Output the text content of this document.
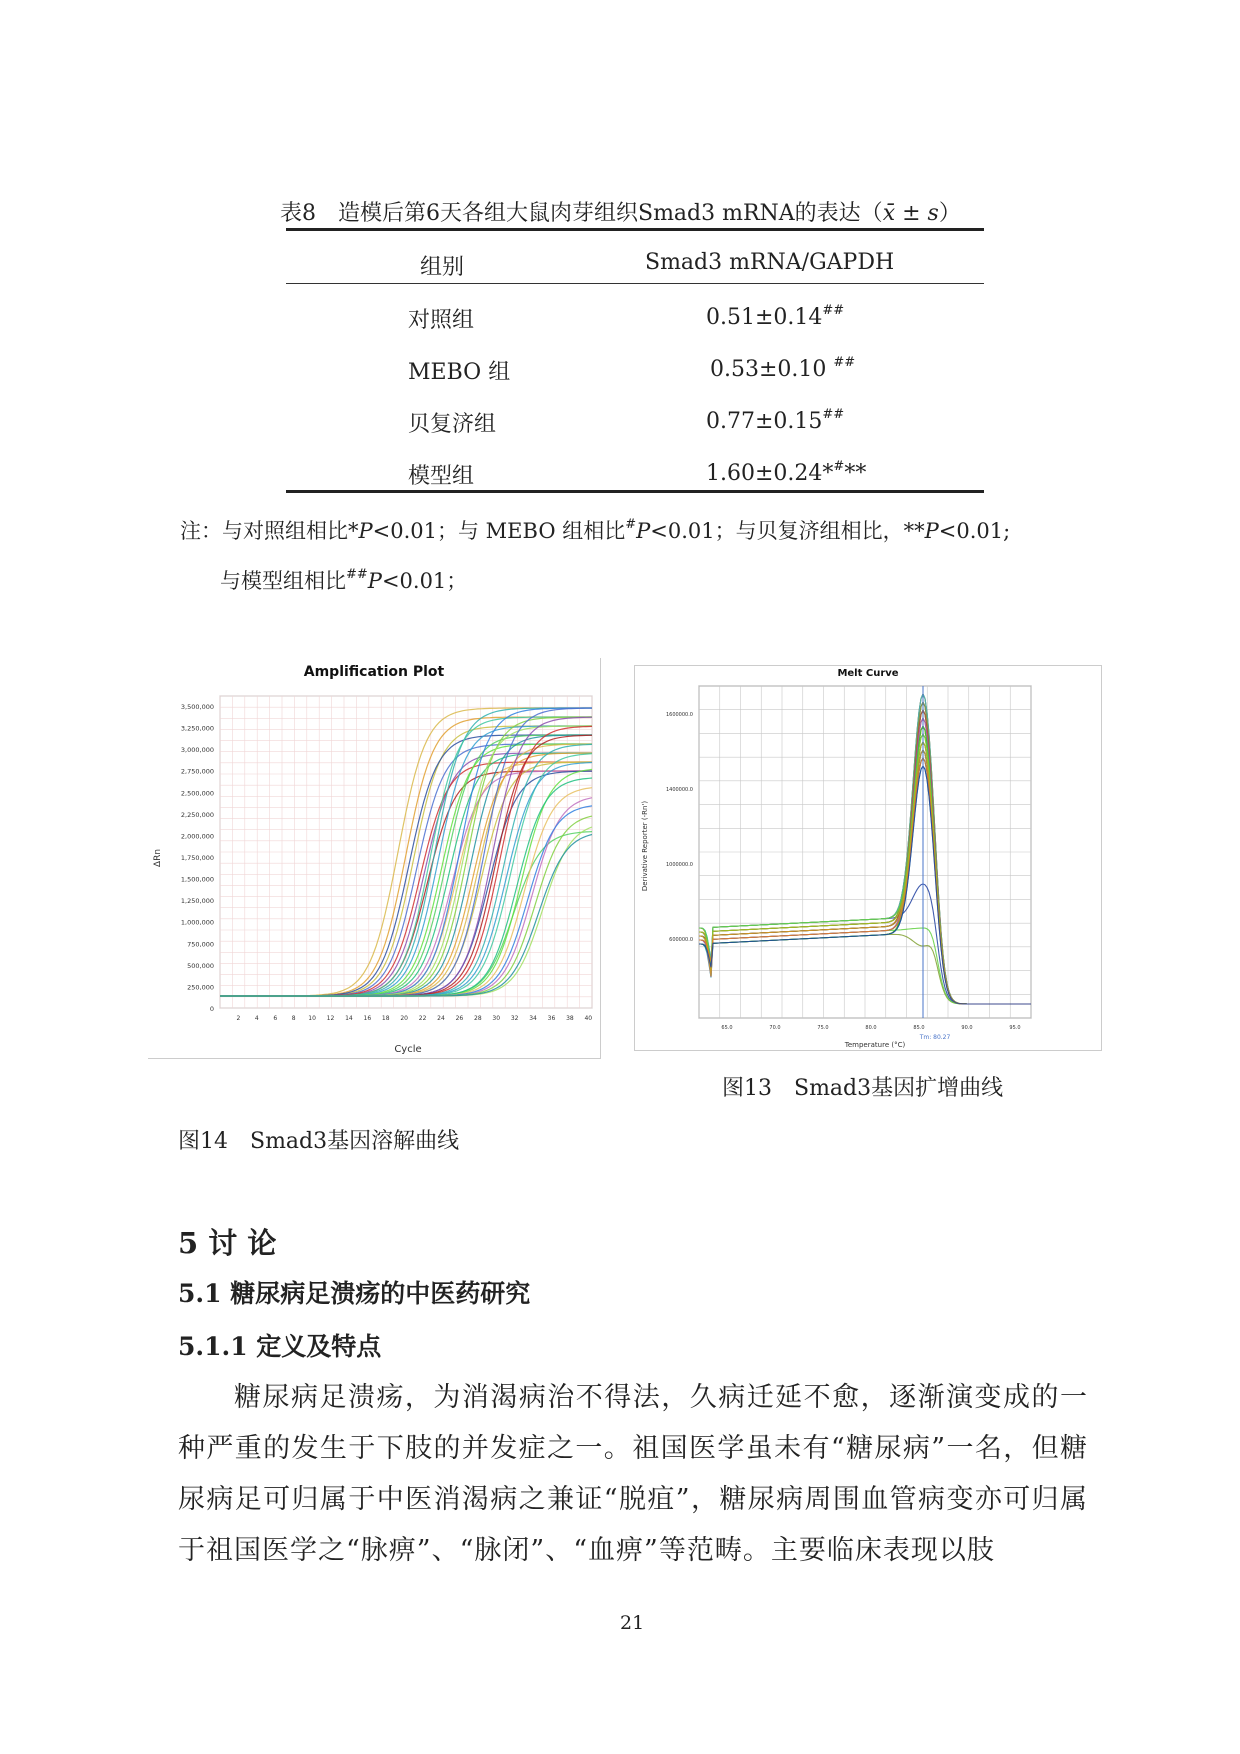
表8　造模后第6天各组大鼠肉芽组织Smad3 mRNA的表达（x̄ ± s）
组别	Smad3 mRNA/GAPDH
对照组	0.51±0.14##
MEBO 组	0.53±0.10 ##
贝复济组	0.77±0.15##
模型组	1.60±0.24*#**
注：与对照组相比*P<0.01；与 MEBO 组相比#P<0.01；与贝复济组相比，**P<0.01;
与模型组相比##P<0.01；
Amplification Plot
ΔRn
Cycle
3,500,000
3,250,000
3,000,000
2,750,000
2,500,000
2,250,000
2,000,000
1,750,000
1,500,000
1,250,000
1,000,000
750,000
500,000
250,000
0
2 4 6 8 10 12 14 16 18 20 22 24 26 28 30 32 34 36 38 40
Melt Curve
Derivative Reporter (-Rn')
Temperature (°C)
1600000.0
1400000.0
1000000.0
600000.0
65.0	70.0	75.0	80.0	85.0	90.0	95.0
Tm: 80.27
图13　Smad3基因扩增曲线
图14　Smad3基因溶解曲线
5 讨 论
5.1 糖尿病足溃疡的中医药研究
5.1.1 定义及特点

糖尿病足溃疡，为消渴病治不得法，久病迁延不愈，逐渐演变成的一种严重的发生于下肢的并发症之一。祖国医学虽未有“糖尿病”一名，但糖尿病足可归属于中医消渴病之兼证“脱疽”，糖尿病周围血管病变亦可归属于祖国医学之“脉痹”、“脉闭”、“血痹”等范畴。主要临床表现以肢

21
